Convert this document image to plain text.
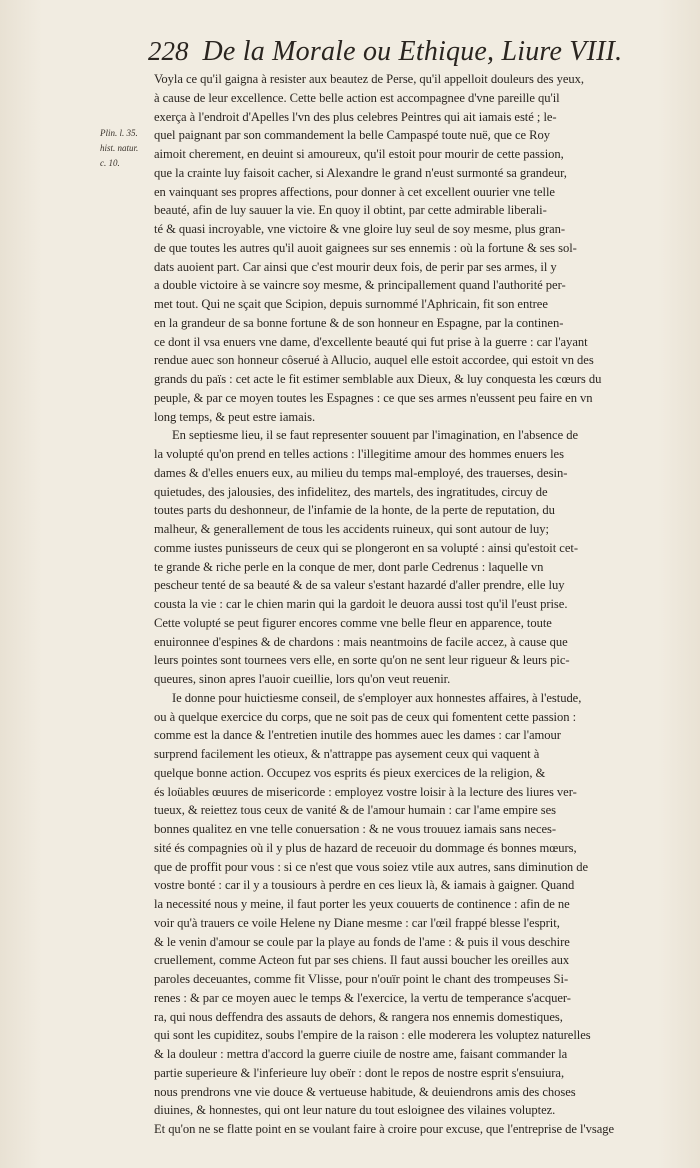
228 De la Morale ou Ethique, Liure VIII.
Plin. l. 35.
hist. natur.
c. 10.

Voyla ce qu'il gaigna à resister aux beautez de Perse, qu'il appelloit douleurs des yeux,
à cause de leur excellence. Cette belle action est accompagnee d'vne pareille qu'il
exerça à l'endroit d'Apelles l'vn des plus celebres Peintres qui ait iamais esté ; le-
quel paignant par son commandement la belle Campaspé toute nuë, que ce Roy
aimoit cherement, en deuint si amoureux, qu'il estoit pour mourir de cette passion,
que la crainte luy faisoit cacher, si Alexandre le grand n'eust surmonté sa grandeur,
en vainquant ses propres affections, pour donner à cet excellent ouurier vne telle
beauté, afin de luy sauuer la vie. En quoy il obtint, par cette admirable liberali-
té & quasi incroyable, vne victoire & vne gloire luy seul de soy mesme, plus gran-
de que toutes les autres qu'il auoit gaignees sur ses ennemis : où la fortune & ses sol-
dats auoient part. Car ainsi que c'est mourir deux fois, de perir par ses armes, il y
a double victoire à se vaincre soy mesme, & principallement quand l'authorité per-
met tout. Qui ne sçait que Scipion, depuis surnommé l'Aphricain, fit son entree
en la grandeur de sa bonne fortune & de son honneur en Espagne, par la continen-
ce dont il vsa enuers vne dame, d'excellente beauté qui fut prise à la guerre : car l'ayant
rendue auec son honneur côserué à Allucio, auquel elle estoit accordee, qui estoit vn des
grands du païs : cet acte le fit estimer semblable aux Dieux, & luy conquesta les cœurs du
peuple, & par ce moyen toutes les Espagnes : ce que ses armes n'eussent peu faire en vn
long temps, & peut estre iamais.

En septiesme lieu, il se faut representer souuent par l'imagination, en l'absence de
la volupté qu'on prend en telles actions : l'illegitime amour des hommes enuers les
dames & d'elles enuers eux, au milieu du temps mal-employé, des trauerses, desin-
quietudes, des jalousies, des infidelitez, des martels, des ingratitudes, circuy de
toutes parts du deshonneur, de l'infamie de la honte, de la perte de reputation, du
malheur, & generallement de tous les accidents ruineux, qui sont autour de luy;
comme iustes punisseurs de ceux qui se plongeront en sa volupté : ainsi qu'estoit cet-
te grande & riche perle en la conque de mer, dont parle Cedrenus : laquelle vn
pescheur tenté de sa beauté & de sa valeur s'estant hazardé d'aller prendre, elle luy
cousta la vie : car le chien marin qui la gardoit le deuora aussi tost qu'il l'eust prise.
Cette volupté se peut figurer encores comme vne belle fleur en apparence, toute
enuironnee d'espines & de chardons : mais neantmoins de facile accez, à cause que
leurs pointes sont tournees vers elle, en sorte qu'on ne sent leur rigueur & leurs pic-
queures, sinon apres l'auoir cueillie, lors qu'on veut reuenir.

Ie donne pour huictiesme conseil, de s'employer aux honnestes affaires, à l'estude,
ou à quelque exercice du corps, que ne soit pas de ceux qui fomentent cette passion :
comme est la dance & l'entretien inutile des hommes auec les dames : car l'amour
surprend facilement les otieux, & n'attrappe pas aysement ceux qui vaquent à
quelque bonne action. Occupez vos esprits és pieux exercices de la religion, &
és loüables œuures de misericorde : employez vostre loisir à la lecture des liures ver-
tueux, & reiettez tous ceux de vanité & de l'amour humain : car l'ame empire ses
bonnes qualitez en vne telle conuersation : & ne vous trouuez iamais sans neces-
sité és compagnies où il y plus de hazard de receuoir du dommage és bonnes mœurs,
que de proffit pour vous : si ce n'est que vous soiez vtile aux autres, sans diminution de
vostre bonté : car il y a tousiours à perdre en ces lieux là, & iamais à gaigner. Quand
la necessité nous y meine, il faut porter les yeux couuerts de continence : afin de ne
voir qu'à trauers ce voile Helene ny Diane mesme : car l'œil frappé blesse l'esprit,
& le venin d'amour se coule par la playe au fonds de l'ame : & puis il vous deschire
cruellement, comme Acteon fut par ses chiens. Il faut aussi boucher les oreilles aux
paroles deceuantes, comme fit Vlisse, pour n'ouïr point le chant des trompeuses Si-
renes : & par ce moyen auec le temps & l'exercice, la vertu de temperance s'acquer-
ra, qui nous deffendra des assauts de dehors, & rangera nos ennemis domestiques,
qui sont les cupiditez, soubs l'empire de la raison : elle moderera les voluptez naturelles
& la douleur : mettra d'accord la guerre ciuile de nostre ame, faisant commander la
partie superieure & l'inferieure luy obeïr : dont le repos de nostre esprit s'ensuiura,
nous prendrons vne vie douce & vertueuse habitude, & deuiendrons amis des choses
diuines, & honnestes, qui ont leur nature du tout esloignee des vilaines voluptez.
Et qu'on ne se flatte point en se voulant faire à croire pour excuse, que l'entreprise de l'vsage
